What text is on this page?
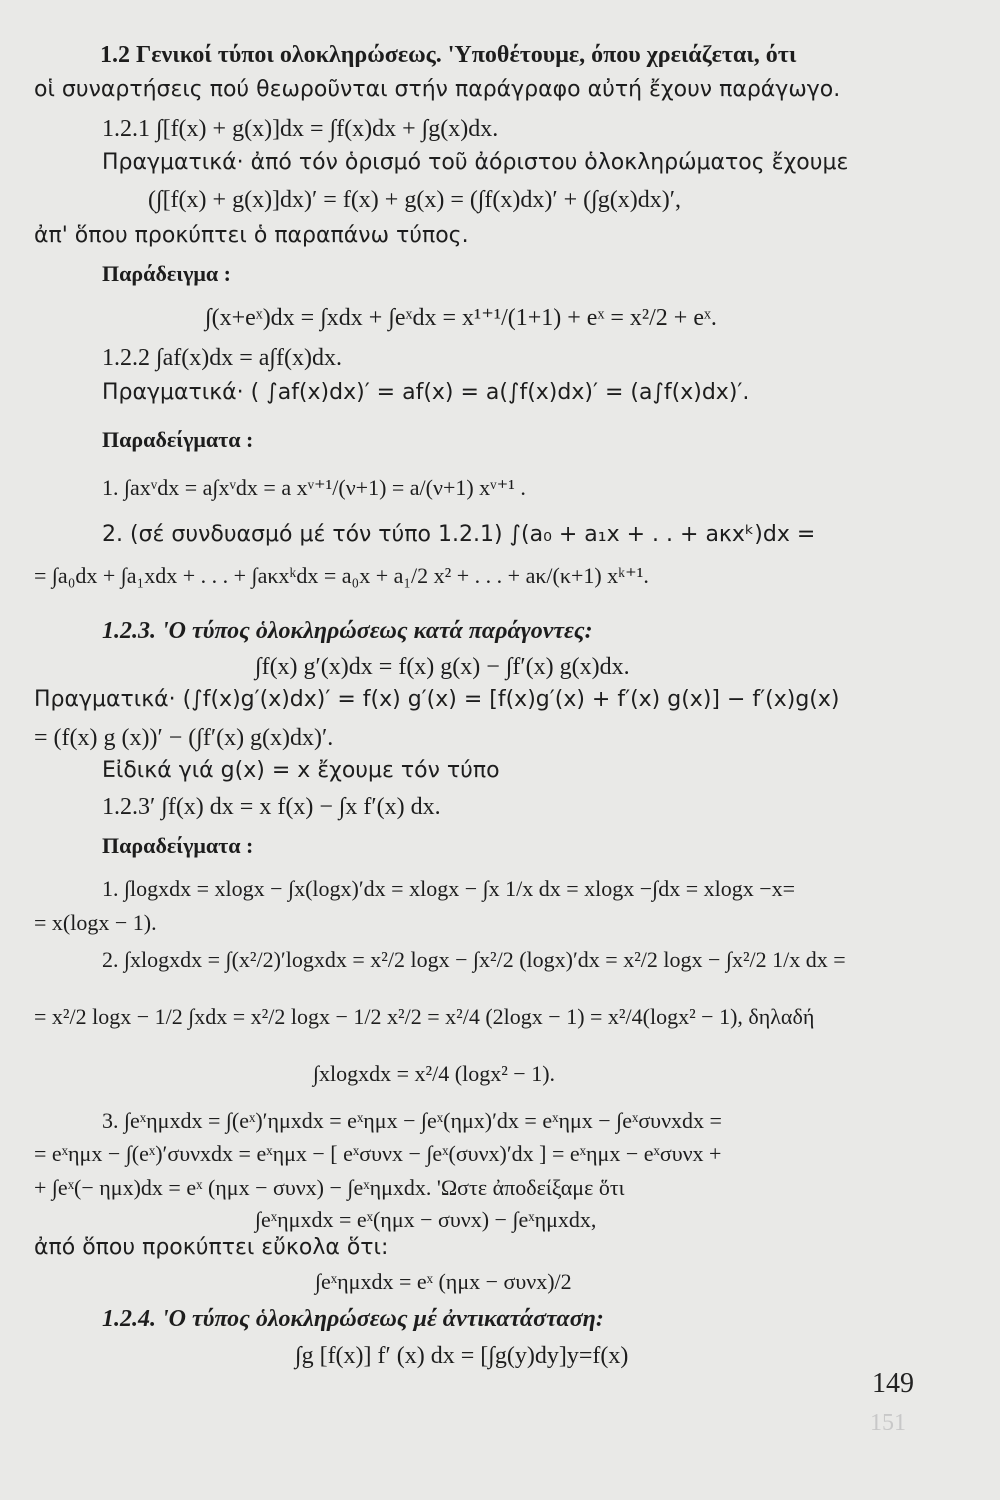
1.2 Γενικοί τύποι ολοκληρώσεως. 'Υποθέτουμε, όπου χρειάζεται, ότι
οἱ συναρτήσεις πού θεωροῦνται στήν παράγραφο αὐτή ἔχουν παράγωγο.
1.2.1 ∫[f(x) + g(x)]dx = ∫f(x)dx + ∫g(x)dx.
Πραγματικά· ἀπό τόν ὁρισμό τοῦ ἀόριστου ὁλοκληρώματος ἔχουμε
(∫[f(x) + g(x)]dx)′ = f(x) + g(x) = (∫f(x)dx)′ + (∫g(x)dx)′,
ἀπ' ὅπου προκύπτει ὁ παραπάνω τύπος.
Παράδειγμα :
∫(x+eˣ)dx = ∫xdx + ∫eˣdx = x¹⁺¹/(1+1) + eˣ = x²/2 + eˣ.
1.2.2 ∫af(x)dx = a∫f(x)dx.
Πραγματικά· ( ∫af(x)dx)′ = af(x) = a(∫f(x)dx)′ = (a∫f(x)dx)′.
Παραδείγματα :
1. ∫axᵛdx = a∫xᵛdx = a xᵛ⁺¹/(ν+1) = a/(ν+1) xᵛ⁺¹ .
2. (σέ συνδυασμό μέ τόν τύπο 1.2.1) ∫(a₀ + a₁x + . . + aκxᵏ)dx =
= ∫a₀dx + ∫a₁xdx + . . . + ∫aκxᵏdx = a₀x + a₁/2 x² + . . . + aκ/(κ+1) xᵏ⁺¹.
1.2.3. 'Ο τύπος ὁλοκληρώσεως κατά παράγοντες:
∫f(x) g′(x)dx = f(x) g(x) − ∫f′(x) g(x)dx.
Πραγματικά· (∫f(x)g′(x)dx)′ = f(x) g′(x) = [f(x)g′(x) + f′(x) g(x)] − f′(x)g(x)
= (f(x) g (x))′ − (∫f′(x) g(x)dx)′.
Εἰδικά γιά g(x) = x ἔχουμε τόν τύπο
1.2.3′ ∫f(x) dx = x f(x) − ∫x f′(x) dx.
Παραδείγματα :
1. ∫logxdx = xlogx − ∫x(logx)′dx = xlogx − ∫x 1/x dx = xlogx −∫dx = xlogx −x=
= x(logx − 1).
2. ∫xlogxdx = ∫(x²/2)′logxdx = x²/2 logx − ∫x²/2 (logx)′dx = x²/2 logx − ∫x²/2 1/x dx =
= x²/2 logx − 1/2 ∫xdx = x²/2 logx − 1/2 x²/2 = x²/4 (2logx − 1) = x²/4(logx² − 1), δηλαδή
∫xlogxdx = x²/4 (logx² − 1).
3. ∫eˣημxdx = ∫(eˣ)′ημxdx = eˣημx − ∫eˣ(ημx)′dx = eˣημx − ∫eˣσυνxdx =
= eˣημx − ∫(eˣ)′συνxdx = eˣημx − [ eˣσυνx − ∫eˣ(συνx)′dx ] = eˣημx − eˣσυνx +
+ ∫eˣ(− ημx)dx = eˣ (ημx − συνx) − ∫eˣημxdx. 'Ωστε ἀποδείξαμε ὅτι
∫eˣημxdx = eˣ(ημx − συνx) − ∫eˣημxdx,
ἀπό ὅπου προκύπτει εὔκολα ὅτι:
∫eˣημxdx = eˣ (ημx − συνx)/2
1.2.4. 'Ο τύπος ὁλοκληρώσεως μέ ἀντικατάσταση:
∫g [f(x)] f′ (x) dx = [∫g(y)dy]y=f(x)
149
151
